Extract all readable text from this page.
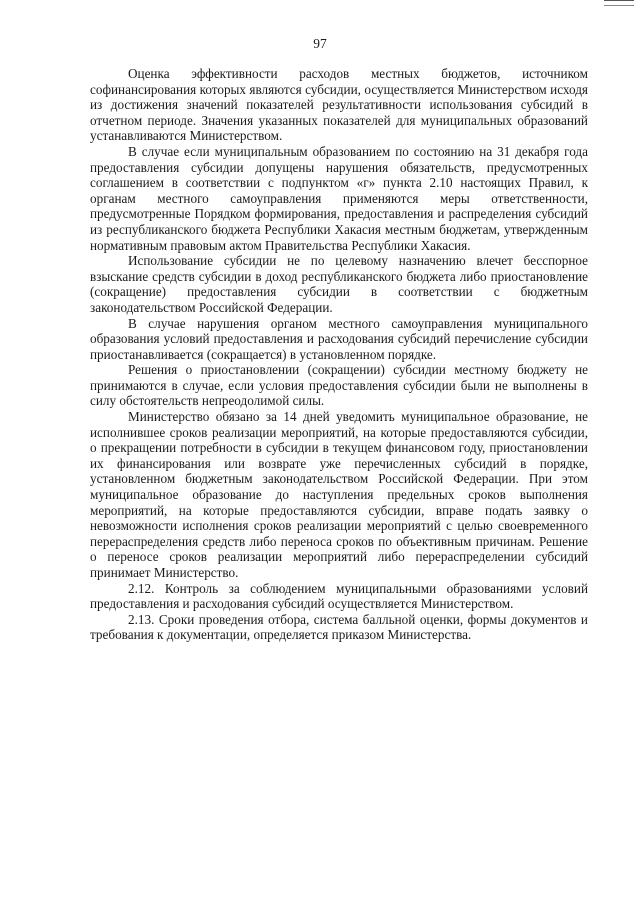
97

Оценка эффективности расходов местных бюджетов, источником софинансирования которых являются субсидии, осуществляется Министерством исходя из достижения значений показателей результативности использования субсидий в отчетном периоде. Значения указанных показателей для муниципальных образований устанавливаются Министерством.

В случае если муниципальным образованием по состоянию на 31 декабря года предоставления субсидии допущены нарушения обязательств, предусмотренных соглашением в соответствии с подпунктом «г» пункта 2.10 настоящих Правил, к органам местного самоуправления применяются меры ответственности, предусмотренные Порядком формирования, предоставления и распределения субсидий из республиканского бюджета Республики Хакасия местным бюджетам, утвержденным нормативным правовым актом Правительства Республики Хакасия.

Использование субсидии не по целевому назначению влечет бесспорное взыскание средств субсидии в доход республиканского бюджета либо приостановление (сокращение) предоставления субсидии в соответствии с бюджетным законодательством Российской Федерации.

В случае нарушения органом местного самоуправления муниципального образования условий предоставления и расходования субсидий перечисление субсидии приостанавливается (сокращается) в установленном порядке.

Решения о приостановлении (сокращении) субсидии местному бюджету не принимаются в случае, если условия предоставления субсидии были не выполнены в силу обстоятельств непреодолимой силы.

Министерство обязано за 14 дней уведомить муниципальное образование, не исполнившее сроков реализации мероприятий, на которые предоставляются субсидии, о прекращении потребности в субсидии в текущем финансовом году, приостановлении их финансирования или возврате уже перечисленных субсидий в порядке, установленном бюджетным законодательством Российской Федерации. При этом муниципальное образование до наступления предельных сроков выполнения мероприятий, на которые предоставляются субсидии, вправе подать заявку о невозможности исполнения сроков реализации мероприятий с целью своевременного перераспределения средств либо переноса сроков по объективным причинам. Решение о переносе сроков реализации мероприятий либо перераспределении субсидий принимает Министерство.

2.12. Контроль за соблюдением муниципальными образованиями условий предоставления и расходования субсидий осуществляется Министерством.

2.13. Сроки проведения отбора, система балльной оценки, формы документов и требования к документации, определяется приказом Министерства.
